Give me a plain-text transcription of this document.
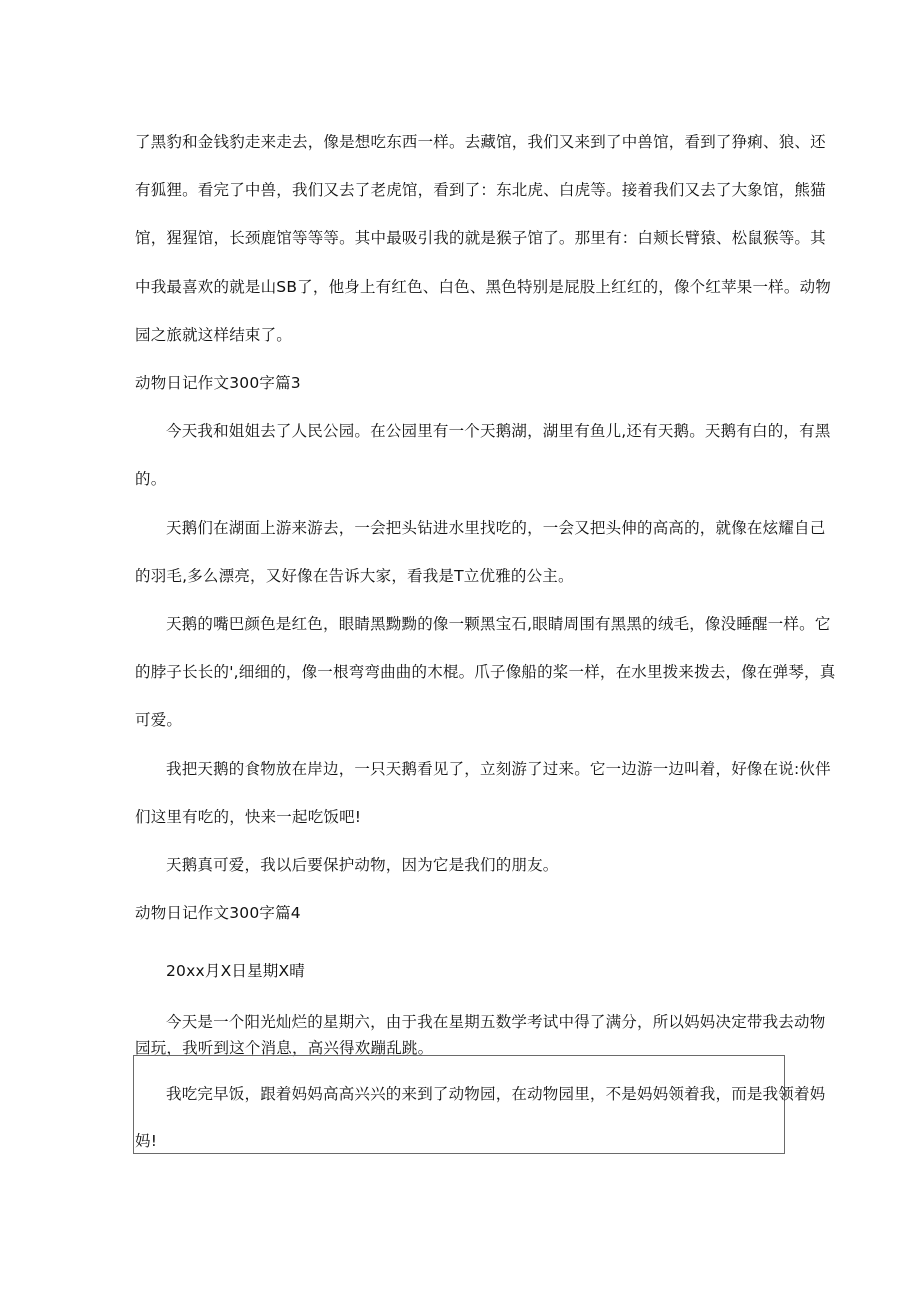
了黑豹和金钱豹走来走去，像是想吃东西一样。去藏馆，我们又来到了中兽馆，看到了狰痢、狼、还
有狐狸。看完了中兽，我们又去了老虎馆，看到了：东北虎、白虎等。接着我们又去了大象馆，熊猫
馆，猩猩馆，长颈鹿馆等等等。其中最吸引我的就是猴子馆了。那里有：白颊长臂猿、松鼠猴等。其
中我最喜欢的就是山SB了，他身上有红色、白色、黑色特别是屁股上红红的，像个红苹果一样。动物
园之旅就这样结束了。
动物日记作文300字篇3
今天我和姐姐去了人民公园。在公园里有一个天鹅湖，湖里有鱼儿,还有天鹅。天鹅有白的，有黑
的。
天鹅们在湖面上游来游去，一会把头钻进水里找吃的，一会又把头伸的高高的，就像在炫耀自己
的羽毛,多么漂亮，又好像在告诉大家，看我是T立优雅的公主。
天鹅的嘴巴颜色是红色，眼睛黑黝黝的像一颗黑宝石,眼睛周围有黑黑的绒毛，像没睡醒一样。它
的脖子长长的',细细的，像一根弯弯曲曲的木棍。爪子像船的桨一样，在水里拨来拨去，像在弹琴，真
可爱。
我把天鹅的食物放在岸边，一只天鹅看见了，立刻游了过来。它一边游一边叫着，好像在说:伙伴
们这里有吃的，快来一起吃饭吧!
天鹅真可爱，我以后要保护动物，因为它是我们的朋友。
动物日记作文300字篇4
20xx月X日星期X晴
今天是一个阳光灿烂的星期六，由于我在星期五数学考试中得了满分，所以妈妈决定带我去动物
园玩，我听到这个消息，高兴得欢蹦乱跳。
我吃完早饭，跟着妈妈高高兴兴的来到了动物园，在动物园里，不是妈妈领着我，而是我领着妈
妈!
